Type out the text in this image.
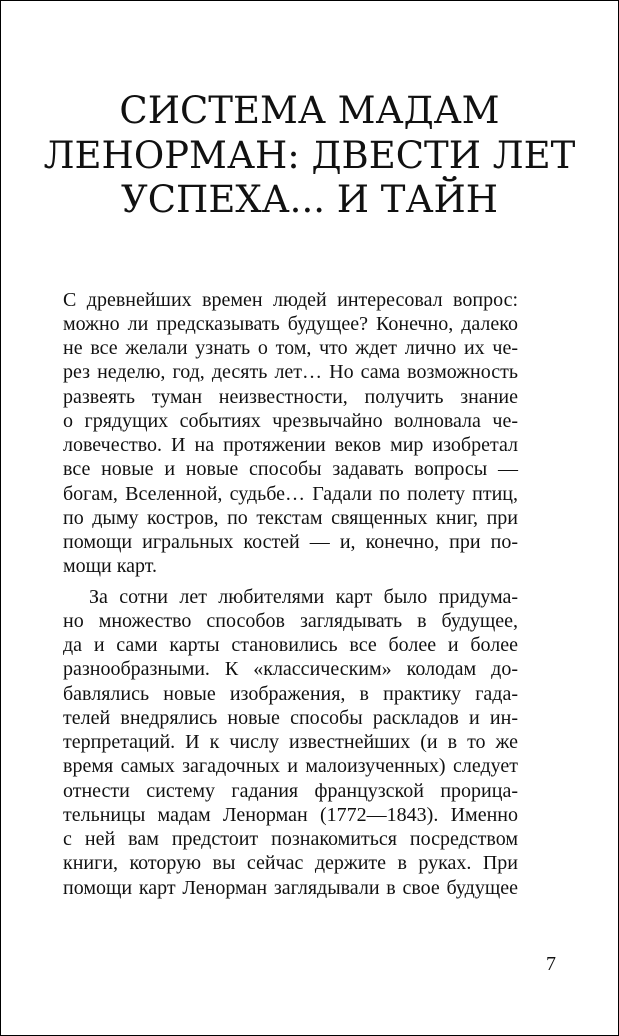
СИСТЕМА МАДАМ
ЛЕНОРМАН: ДВЕСТИ ЛЕТ
УСПЕХА... И ТАЙН
С древнейших времен людей интересовал вопрос:
можно ли предсказывать будущее? Конечно, далеко
не все желали узнать о том, что ждет лично их че-
рез неделю, год, десять лет… Но сама возможность
развеять туман неизвестности, получить знание
о грядущих событиях чрезвычайно волновала че-
ловечество. И на протяжении веков мир изобретал
все новые и новые способы задавать вопросы —
богам, Вселенной, судьбе… Гадали по полету птиц,
по дыму костров, по текстам священных книг, при
помощи игральных костей — и, конечно, при по-
мощи карт.
За сотни лет любителями карт было придума-
но множество способов заглядывать в будущее,
да и сами карты становились все более и более
разнообразными. К «классическим» колодам до-
бавлялись новые изображения, в практику гада-
телей внедрялись новые способы раскладов и ин-
терпретаций. И к числу известнейших (и в то же
время самых загадочных и малоизученных) следует
отнести систему гадания французской прорица-
тельницы мадам Ленорман (1772—1843). Именно
с ней вам предстоит познакомиться посредством
книги, которую вы сейчас держите в руках. При
помощи карт Ленорман заглядывали в свое будущее
7
